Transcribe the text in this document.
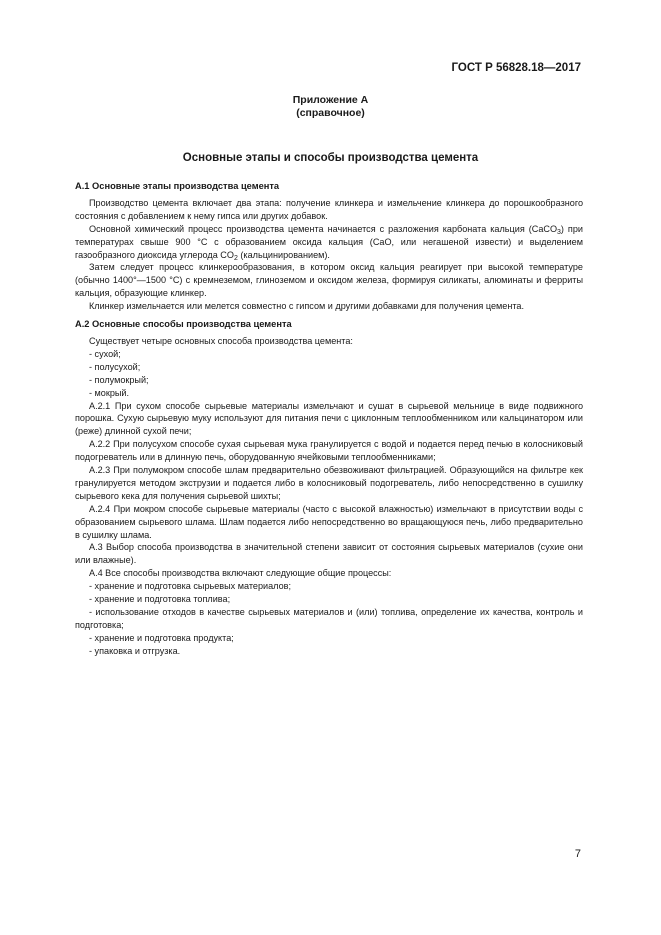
ГОСТ Р 56828.18—2017
Приложение А
(справочное)
Основные этапы и способы производства цемента

А.1 Основные этапы производства цемента

Производство цемента включает два этапа: получение клинкера и измельчение клинкера до порошкообразного состояния с добавлением к нему гипса или других добавок.

Основной химический процесс производства цемента начинается с разложения карбоната кальция (CaCO$_3$) при температурах свыше 900 °С с образованием оксида кальция (CaO, или негашеной извести) и выделением газообразного диоксида углерода $CO_2$ (кальцинированием).

Затем следует процесс клинкерообразования, в котором оксид кальция реагирует при высокой температуре (обычно 1400°—1500 °С) с кремнеземом, глиноземом и оксидом железа, формируя силикаты, алюминаты и ферриты кальция, образующие клинкер.

Клинкер измельчается или мелется совместно с гипсом и другими добавками для получения цемента.

А.2 Основные способы производства цемента

Существует четыре основных способа производства цемента:

- сухой;

- полусухой;

- полумокрый;

- мокрый.

А.2.1 При сухом способе сырьевые материалы измельчают и сушат в сырьевой мельнице в виде подвижного порошка. Сухую сырьевую муку используют для питания печи с циклонным теплообменником или кальцинатором или (реже) длинной сухой печи;

А.2.2 При полусухом способе сухая сырьевая мука гранулируется с водой и подается перед печью в колосниковый подогреватель или в длинную печь, оборудованную ячейковыми теплообменниками;

А.2.3 При полумокром способе шлам предварительно обезвоживают фильтрацией. Образующийся на фильтре кек гранулируется методом экструзии и подается либо в колосниковый подогреватель, либо непосредственно в сушилку сырьевого кека для получения сырьевой шихты;

А.2.4 При мокром способе сырьевые материалы (часто с высокой влажностью) измельчают в присутствии воды с образованием сырьевого шлама. Шлам подается либо непосредственно во вращающуюся печь, либо предварительно в сушилку шлама.

А.3 Выбор способа производства в значительной степени зависит от состояния сырьевых материалов (сухие они или влажные).

А.4 Все способы производства включают следующие общие процессы:

- хранение и подготовка сырьевых материалов;

- хранение и подготовка топлива;

- использование отходов в качестве сырьевых материалов и (или) топлива, определение их качества, контроль и подготовка;

- хранение и подготовка продукта;

- упаковка и отгрузка.

7
